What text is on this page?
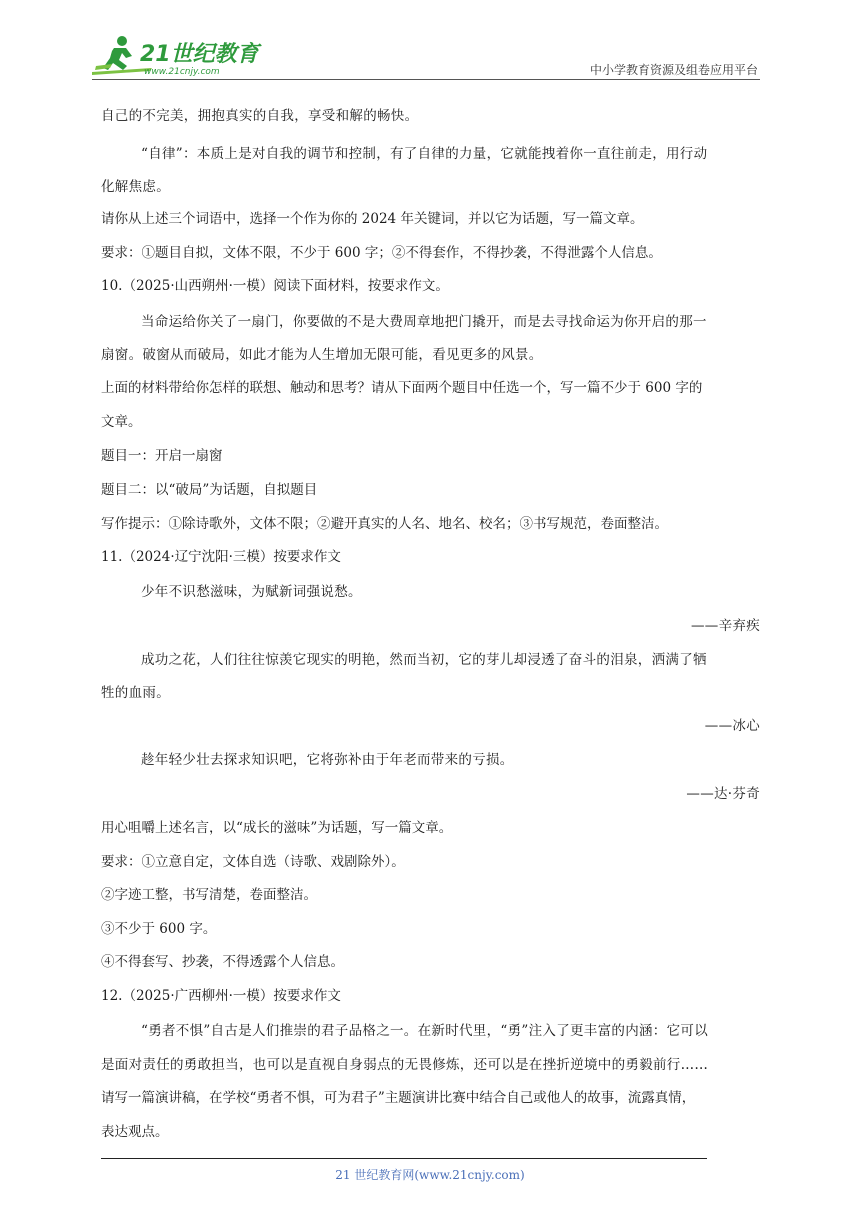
21世纪教育
www.21cnjy.com	中小学教育资源及组卷应用平台
自己的不完美，拥抱真实的自我，享受和解的畅快。
“自律”：本质上是对自我的调节和控制，有了自律的力量，它就能拽着你一直往前走，用行动
化解焦虑。
请你从上述三个词语中，选择一个作为你的 2024 年关键词，并以它为话题，写一篇文章。
要求：①题目自拟，文体不限，不少于 600 字；②不得套作，不得抄袭，不得泄露个人信息。
10.（2025·山西朔州·一模）阅读下面材料，按要求作文。
当命运给你关了一扇门，你要做的不是大费周章地把门撬开，而是去寻找命运为你开启的那一
扇窗。破窗从而破局，如此才能为人生增加无限可能，看见更多的风景。
上面的材料带给你怎样的联想、触动和思考？请从下面两个题目中任选一个，写一篇不少于 600 字的
文章。
题目一：开启一扇窗
题目二：以“破局”为话题，自拟题目
写作提示：①除诗歌外，文体不限；②避开真实的人名、地名、校名；③书写规范，卷面整洁。
11.（2024·辽宁沈阳·三模）按要求作文
少年不识愁滋味，为赋新词强说愁。
——辛弃疾
成功之花，人们往往惊羡它现实的明艳，然而当初，它的芽儿却浸透了奋斗的泪泉，洒满了牺
牲的血雨。
——冰心
趁年轻少壮去探求知识吧，它将弥补由于年老而带来的亏损。
——达·芬奇
用心咀嚼上述名言，以“成长的滋味”为话题，写一篇文章。
要求：①立意自定，文体自选（诗歌、戏剧除外）。
②字迹工整，书写清楚，卷面整洁。
③不少于 600 字。
④不得套写、抄袭，不得透露个人信息。
12.（2025·广西柳州·一模）按要求作文
“勇者不惧”自古是人们推崇的君子品格之一。在新时代里，“勇”注入了更丰富的内涵：它可以
是面对责任的勇敢担当，也可以是直视自身弱点的无畏修炼，还可以是在挫折逆境中的勇毅前行……
请写一篇演讲稿，在学校“勇者不惧，可为君子”主题演讲比赛中结合自己或他人的故事，流露真情，
表达观点。
21 世纪教育网(www.21cnjy.com)
